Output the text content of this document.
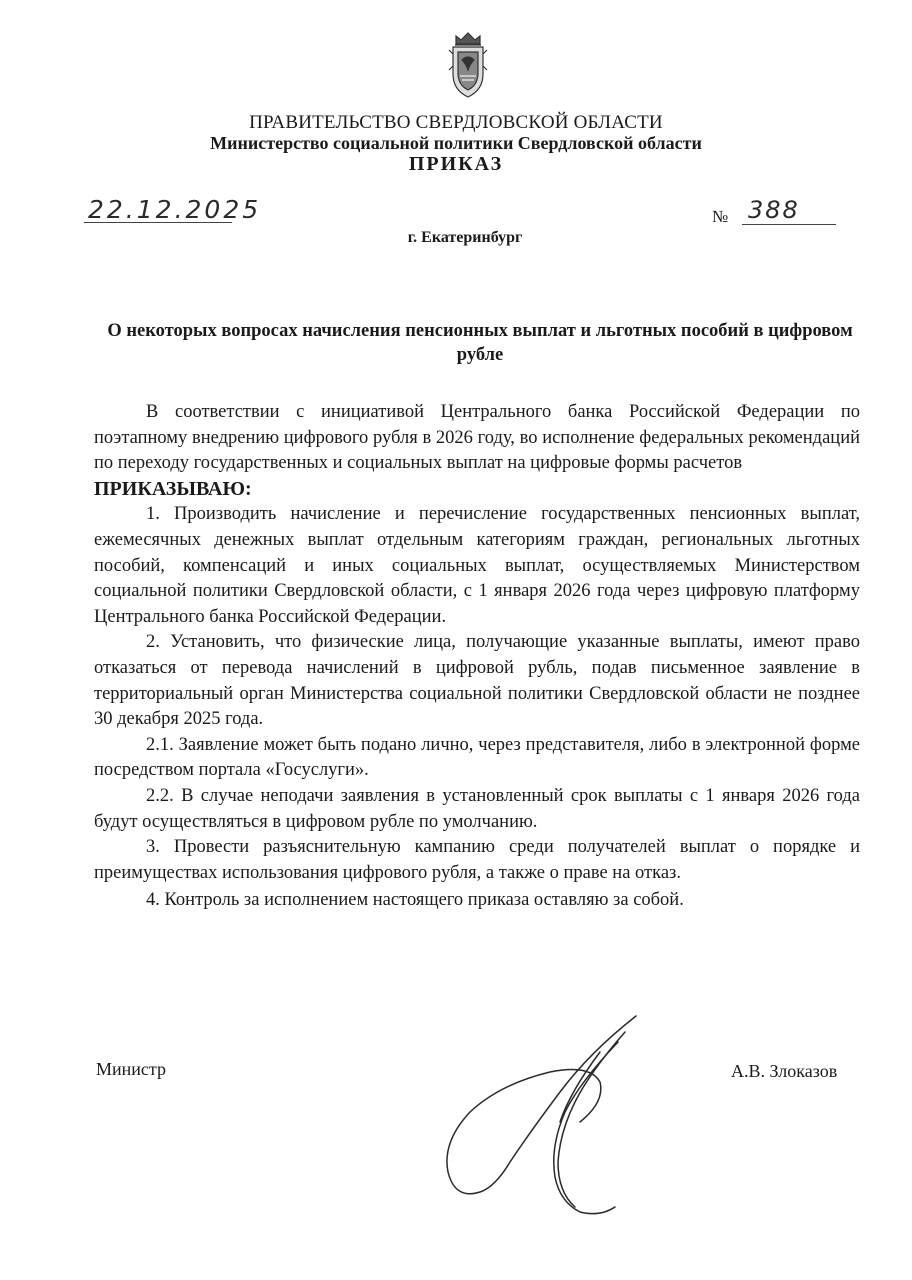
ПРАВИТЕЛЬСТВО СВЕРДЛОВСКОЙ ОБЛАСТИ
Министерство социальной политики Свердловской области
ПРИКАЗ
22.12.2025	№ 388
г. Екатеринбург
О некоторых вопросах начисления пенсионных выплат и льготных пособий в цифровом рубле

В соответствии с инициативой Центрального банка Российской Федерации по поэтапному внедрению цифрового рубля в 2026 году, во исполнение федеральных рекомендаций по переходу государственных и социальных выплат на цифровые формы расчетов

ПРИКАЗЫВАЮ:

1. Производить начисление и перечисление государственных пенсионных выплат, ежемесячных денежных выплат отдельным категориям граждан, региональных льготных пособий, компенсаций и иных социальных выплат, осуществляемых Министерством социальной политики Свердловской области, с 1 января 2026 года через цифровую платформу Центрального банка Российской Федерации.

2. Установить, что физические лица, получающие указанные выплаты, имеют право отказаться от перевода начислений в цифровой рубль, подав письменное заявление в территориальный орган Министерства социальной политики Свердловской области не позднее 30 декабря 2025 года.

2.1. Заявление может быть подано лично, через представителя, либо в электронной форме посредством портала «Госуслуги».

2.2. В случае неподачи заявления в установленный срок выплаты с 1 января 2026 года будут осуществляться в цифровом рубле по умолчанию.

3. Провести разъяснительную кампанию среди получателей выплат о порядке и преимуществах использования цифрового рубля, а также о праве на отказ.

4. Контроль за исполнением настоящего приказа оставляю за собой.

Министр	А.В. Злоказов
